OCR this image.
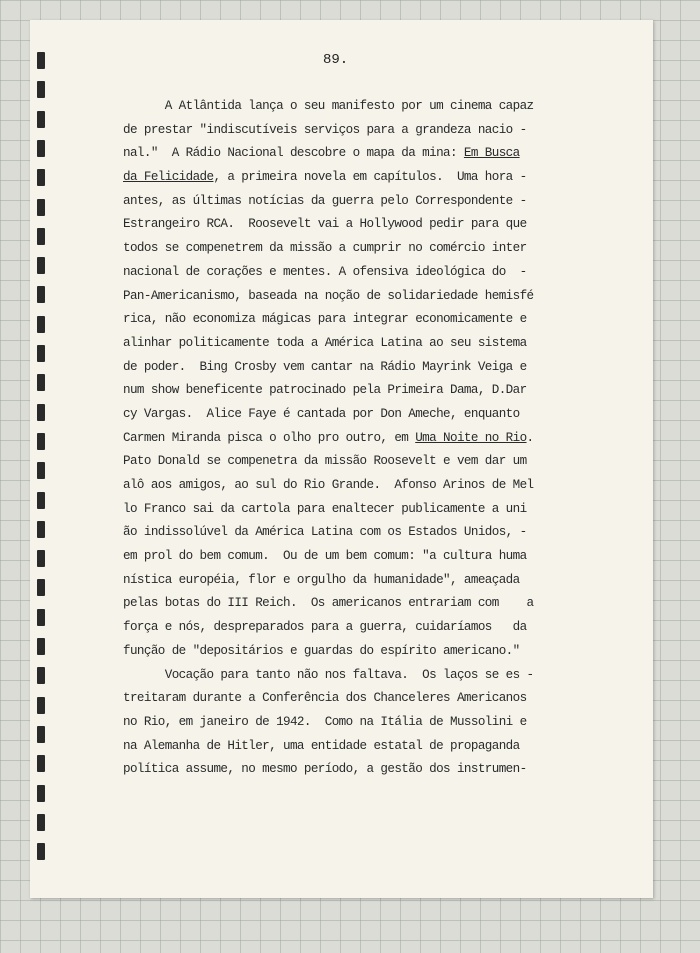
89.

A Atlântida lança o seu manifesto por um cinema capaz
de prestar "indiscutíveis serviços para a grandeza nacio -
nal."  A Rádio Nacional descobre o mapa da mina: Em Busca
da Felicidade, a primeira novela em capítulos.  Uma hora -
antes, as últimas notícias da guerra pelo Correspondente -
Estrangeiro RCA.  Roosevelt vai a Hollywood pedir para que
todos se compenetrem da missão a cumprir no comércio inter
nacional de corações e mentes. A ofensiva ideológica do  -
Pan-Americanismo, baseada na noção de solidariedade hemisfé
rica, não economiza mágicas para integrar economicamente e
alinhar politicamente toda a América Latina ao seu sistema
de poder.  Bing Crosby vem cantar na Rádio Mayrink Veiga e
num show beneficente patrocinado pela Primeira Dama, D.Dar
cy Vargas.  Alice Faye é cantada por Don Ameche, enquanto
Carmen Miranda pisca o olho pro outro, em Uma Noite no Rio.
Pato Donald se compenetra da missão Roosevelt e vem dar um
alô aos amigos, ao sul do Rio Grande.  Afonso Arinos de Mel
lo Franco sai da cartola para enaltecer publicamente a uni
ão indissolúvel da América Latina com os Estados Unidos, -
em prol do bem comum.  Ou de um bem comum: "a cultura huma
nística européia, flor e orgulho da humanidade", ameaçada
pelas botas do III Reich.  Os americanos entrariam com    a
força e nós, despreparados para a guerra, cuidaríamos   da
função de "depositários e guardas do espírito americano."
Vocação para tanto não nos faltava.  Os laços se es -
treitaram durante a Conferência dos Chanceleres Americanos
no Rio, em janeiro de 1942.  Como na Itália de Mussolini e
na Alemanha de Hitler, uma entidade estatal de propaganda
política assume, no mesmo período, a gestão dos instrumen-
